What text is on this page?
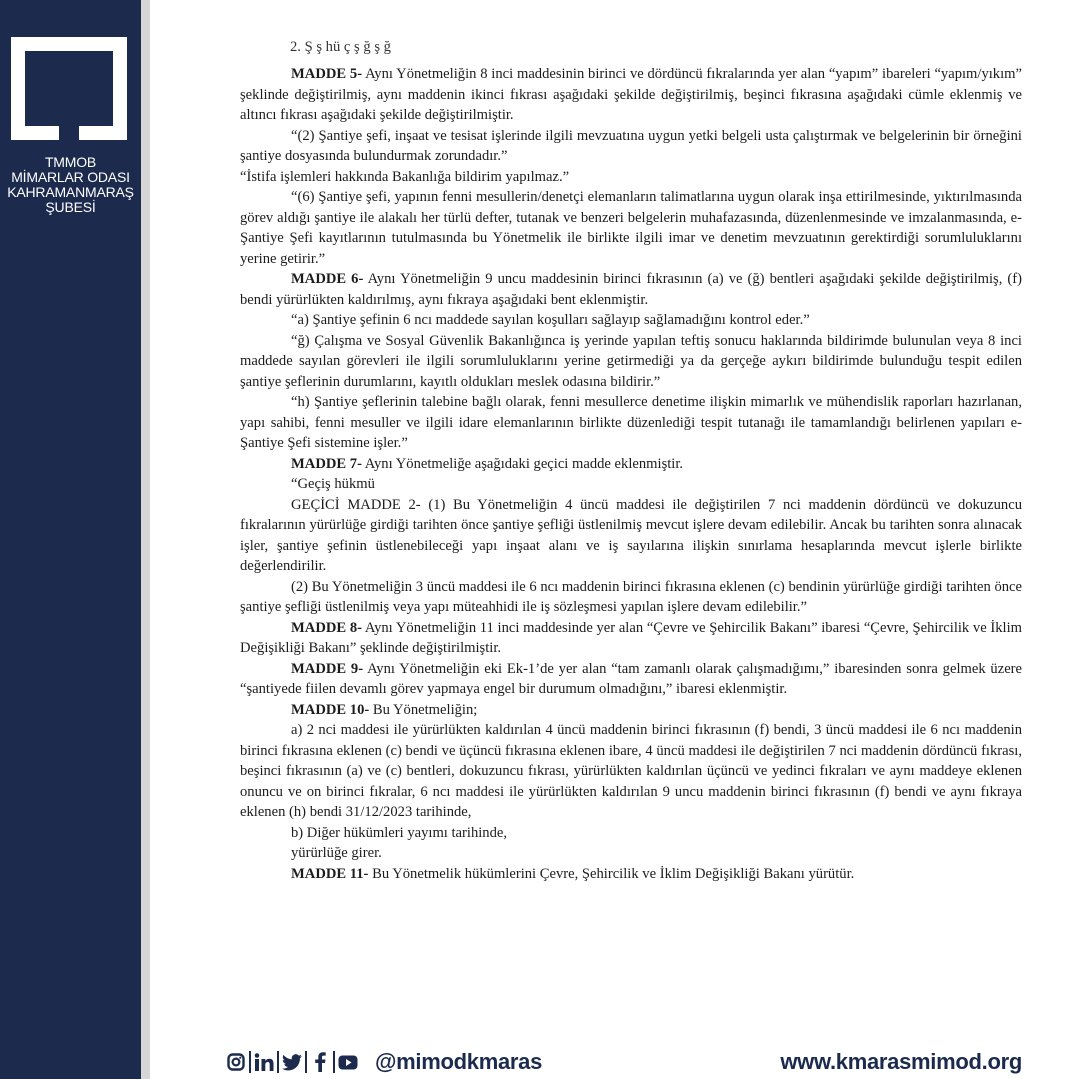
TMMOB
MİMARLAR ODASI
KAHRAMANMARAŞ
ŞUBESİ
2. Ş ş hü ç ş ğ ş ğ

MADDE 5- Aynı Yönetmeliğin 8 inci maddesinin birinci ve dördüncü fıkralarında yer alan “yapım” ibareleri “yapım/yıkım” şeklinde değiştirilmiş, aynı maddenin ikinci fıkrası aşağıdaki şekilde değiştirilmiş, beşinci fıkrasına aşağıdaki cümle eklenmiş ve altıncı fıkrası aşağıdaki şekilde değiştirilmiştir.

“(2) Şantiye şefi, inşaat ve tesisat işlerinde ilgili mevzuatına uygun yetki belgeli usta çalıştırmak ve belgelerinin bir örneğini şantiye dosyasında bulundurmak zorundadır.”

“İstifa işlemleri hakkında Bakanlığa bildirim yapılmaz.”

“(6) Şantiye şefi, yapının fenni mesullerin/denetçi elemanların talimatlarına uygun olarak inşa ettirilmesinde, yıktırılmasında görev aldığı şantiye ile alakalı her türlü defter, tutanak ve benzeri belgelerin muhafazasında, düzenlenmesinde ve imzalanmasında, e-Şantiye Şefi kayıtlarının tutulmasında bu Yönetmelik ile birlikte ilgili imar ve denetim mevzuatının gerektirdiği sorumluluklarını yerine getirir.”

MADDE 6- Aynı Yönetmeliğin 9 uncu maddesinin birinci fıkrasının (a) ve (ğ) bentleri aşağıdaki şekilde değiştirilmiş, (f) bendi yürürlükten kaldırılmış, aynı fıkraya aşağıdaki bent eklenmiştir.

“a) Şantiye şefinin 6 ncı maddede sayılan koşulları sağlayıp sağlamadığını kontrol eder.”

“ğ) Çalışma ve Sosyal Güvenlik Bakanlığınca iş yerinde yapılan teftiş sonucu haklarında bildirimde bulunulan veya 8 inci maddede sayılan görevleri ile ilgili sorumluluklarını yerine getirmediği ya da gerçeğe aykırı bildirimde bulunduğu tespit edilen şantiye şeflerinin durumlarını, kayıtlı oldukları meslek odasına bildirir.”

“h) Şantiye şeflerinin talebine bağlı olarak, fenni mesullerce denetime ilişkin mimarlık ve mühendislik raporları hazırlanan, yapı sahibi, fenni mesuller ve ilgili idare elemanlarının birlikte düzenlediği tespit tutanağı ile tamamlandığı belirlenen yapıları e-Şantiye Şefi sistemine işler.”

MADDE 7- Aynı Yönetmeliğe aşağıdaki geçici madde eklenmiştir.

“Geçiş hükmü

GEÇİCİ MADDE 2- (1) Bu Yönetmeliğin 4 üncü maddesi ile değiştirilen 7 nci maddenin dördüncü ve dokuzuncu fıkralarının yürürlüğe girdiği tarihten önce şantiye şefliği üstlenilmiş mevcut işlere devam edilebilir. Ancak bu tarihten sonra alınacak işler, şantiye şefinin üstlenebileceği yapı inşaat alanı ve iş sayılarına ilişkin sınırlama hesaplarında mevcut işlerle birlikte değerlendirilir.

(2) Bu Yönetmeliğin 3 üncü maddesi ile 6 ncı maddenin birinci fıkrasına eklenen (c) bendinin yürürlüğe girdiği tarihten önce şantiye şefliği üstlenilmiş veya yapı müteahhidi ile iş sözleşmesi yapılan işlere devam edilebilir.”

MADDE 8- Aynı Yönetmeliğin 11 inci maddesinde yer alan “Çevre ve Şehircilik Bakanı” ibaresi “Çevre, Şehircilik ve İklim Değişikliği Bakanı” şeklinde değiştirilmiştir.

MADDE 9- Aynı Yönetmeliğin eki Ek-1’de yer alan “tam zamanlı olarak çalışmadığımı,” ibaresinden sonra gelmek üzere “şantiyede fiilen devamlı görev yapmaya engel bir durumum olmadığını,” ibaresi eklenmiştir.

MADDE 10- Bu Yönetmeliğin;

a) 2 nci maddesi ile yürürlükten kaldırılan 4 üncü maddenin birinci fıkrasının (f) bendi, 3 üncü maddesi ile 6 ncı maddenin birinci fıkrasına eklenen (c) bendi ve üçüncü fıkrasına eklenen ibare, 4 üncü maddesi ile değiştirilen 7 nci maddenin dördüncü fıkrası, beşinci fıkrasının (a) ve (c) bentleri, dokuzuncu fıkrası, yürürlükten kaldırılan üçüncü ve yedinci fıkraları ve aynı maddeye eklenen onuncu ve on birinci fıkralar, 6 ncı maddesi ile yürürlükten kaldırılan 9 uncu maddenin birinci fıkrasının (f) bendi ve aynı fıkraya eklenen (h) bendi 31/12/2023 tarihinde,

b) Diğer hükümleri yayımı tarihinde,

yürürlüğe girer.

MADDE 11- Bu Yönetmelik hükümlerini Çevre, Şehircilik ve İklim Değişikliği Bakanı yürütür.

@mimodkmaras	www.kmarasmimod.org
